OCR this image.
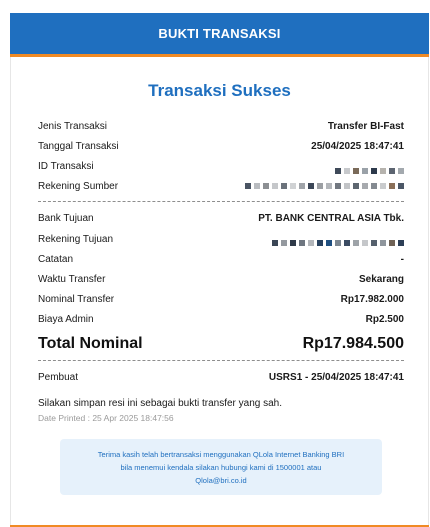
BUKTI TRANSAKSI
Transaksi Sukses
Jenis Transaksi	Transfer BI-Fast
Tanggal Transaksi	25/04/2025 18:47:41
ID Transaksi
Rekening Sumber
Bank Tujuan	PT. BANK CENTRAL ASIA Tbk.
Rekening Tujuan
Catatan	-
Waktu Transfer	Sekarang
Nominal Transfer	Rp17.982.000
Biaya Admin	Rp2.500
Total Nominal	Rp17.984.500
Pembuat	USRS1 - 25/04/2025 18:47:41
Silakan simpan resi ini sebagai bukti transfer yang sah.
Date Printed : 25 Apr 2025 18:47:56
Terima kasih telah bertransaksi menggunakan QLola Internet Banking BRI
bila menemui kendala silakan hubungi kami di 1500001 atau
Qlola@bri.co.id
